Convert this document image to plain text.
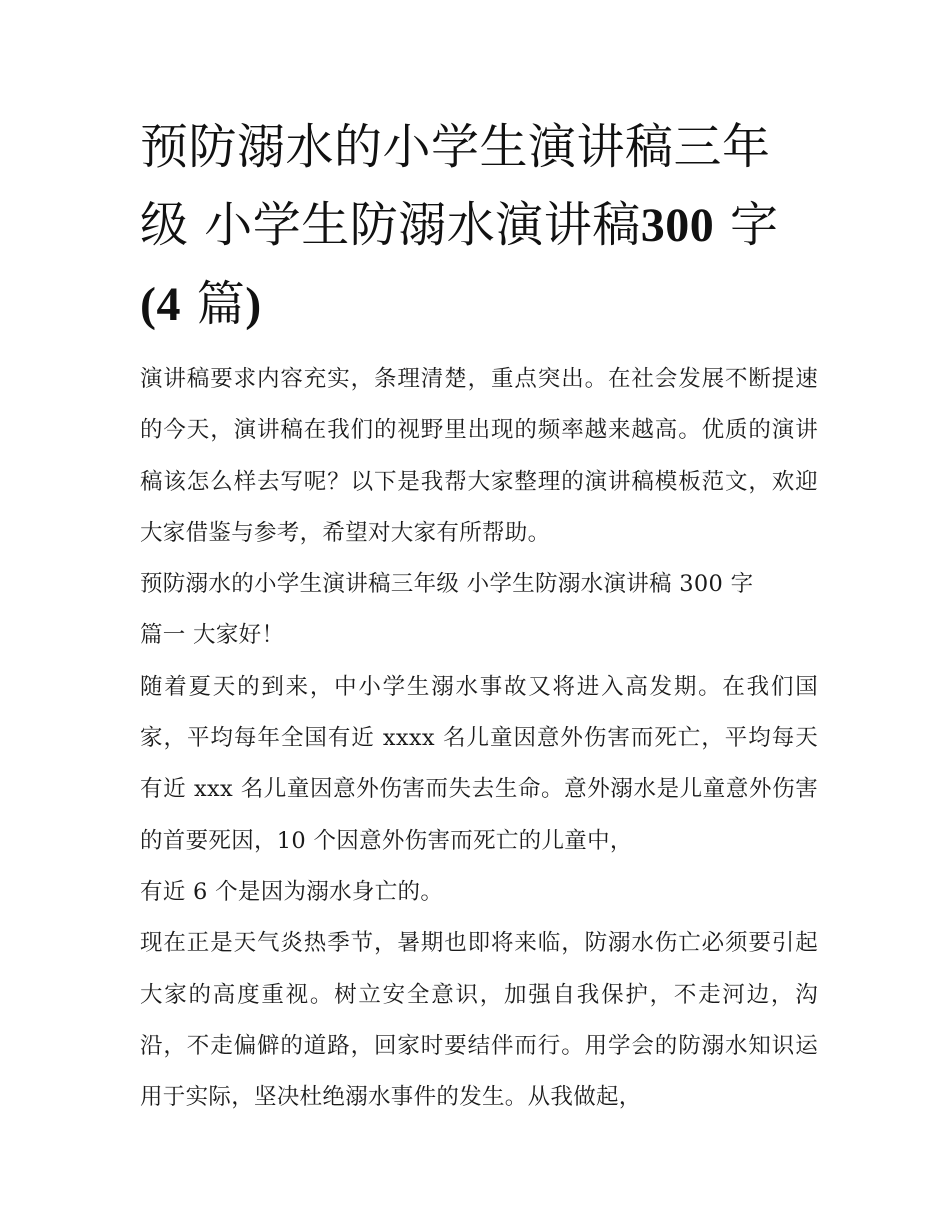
预防溺水的小学生演讲稿三年
级 小学生防溺水演讲稿300 字
(4 篇)

演讲稿要求内容充实，条理清楚，重点突出。在社会发展不断提速的今天，演讲稿在我们的视野里出现的频率越来越高。优质的演讲稿该怎么样去写呢？以下是我帮大家整理的演讲稿模板范文，欢迎大家借鉴与参考，希望对大家有所帮助。

预防溺水的小学生演讲稿三年级 小学生防溺水演讲稿 300 字

篇一 大家好！

随着夏天的到来，中小学生溺水事故又将进入高发期。在我们国家，平均每年全国有近 xxxx 名儿童因意外伤害而死亡，平均每天有近 xxx 名儿童因意外伤害而失去生命。意外溺水是儿童意外伤害的首要死因，10 个因意外伤害而死亡的儿童中，

有近 6 个是因为溺水身亡的。

现在正是天气炎热季节，暑期也即将来临，防溺水伤亡必须要引起大家的高度重视。树立安全意识，加强自我保护，不走河边，沟沿，不走偏僻的道路，回家时要结伴而行。用学会的防溺水知识运用于实际，坚决杜绝溺水事件的发生。从我做起，
